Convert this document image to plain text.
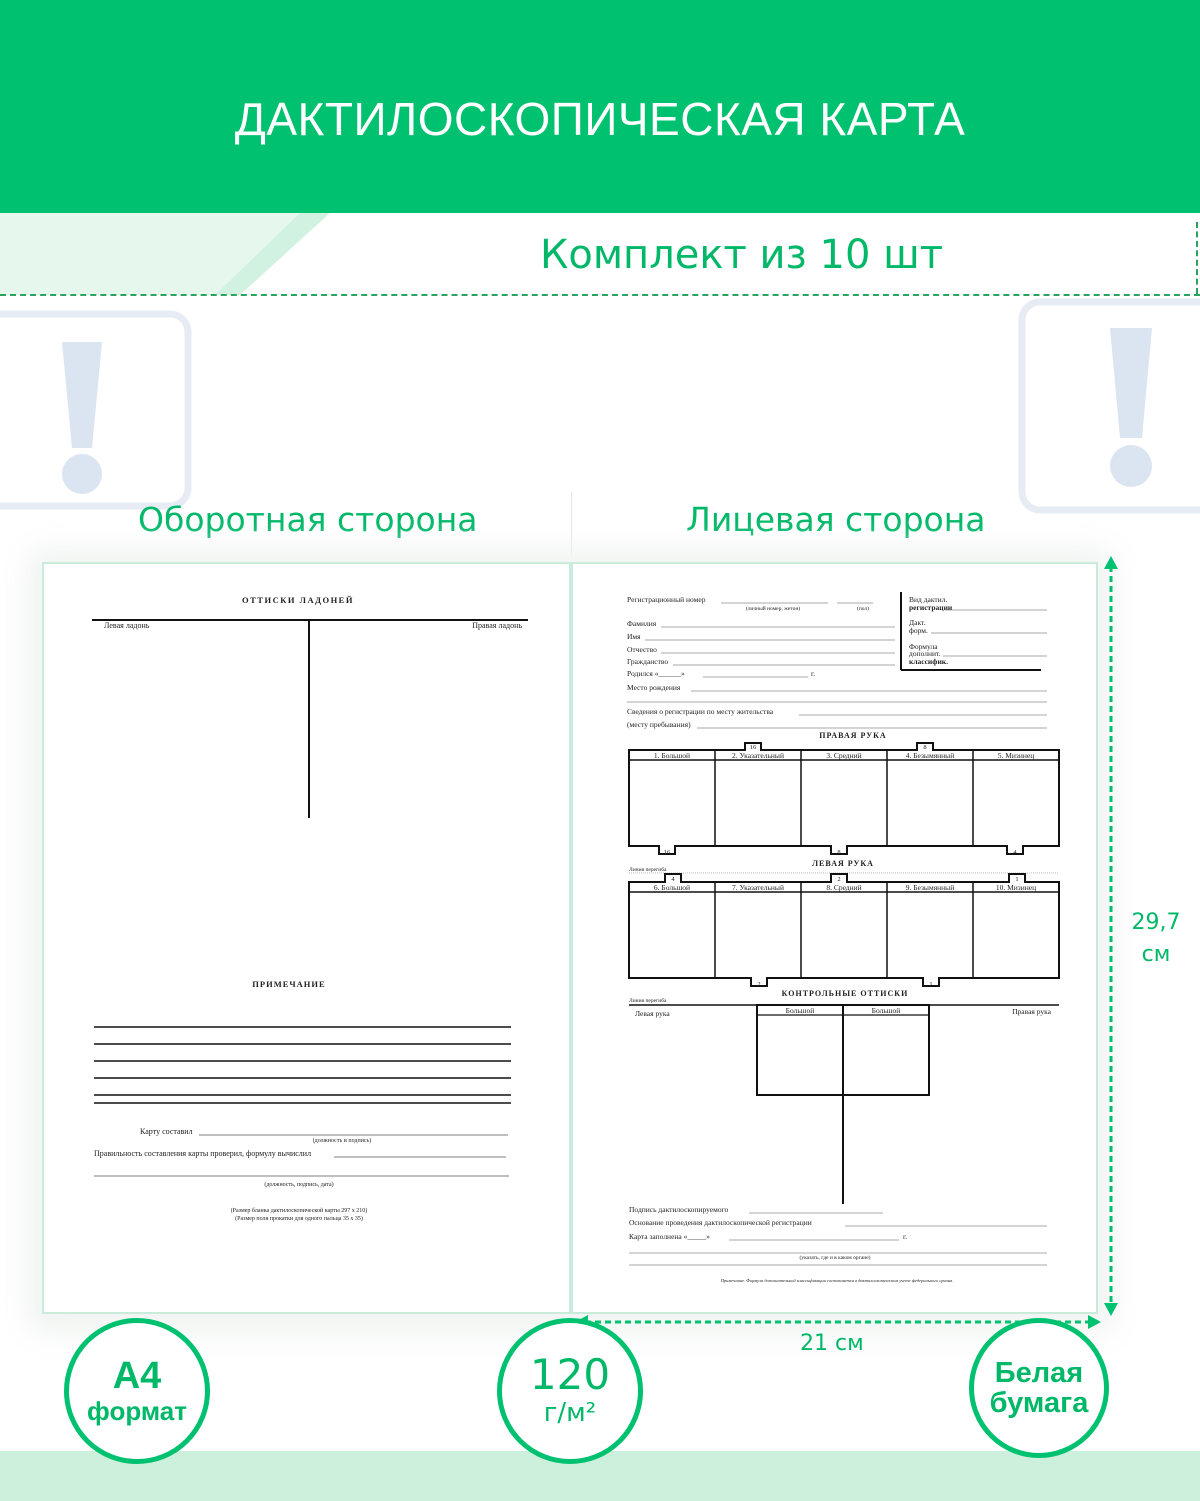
ДАКТИЛОСКОПИЧЕСКАЯ КАРТА
Комплект из 10 шт
Оборотная сторона	Лицевая сторона
ОТТИСКИ ЛАДОНЕЙ
Левая ладонь	Правая ладонь
ПРИМЕЧАНИЕ
Карту составил
(должность и подпись)
Правильность составления карты проверил, формулу вычислил
(должность, подпись, дата)
(Размер бланка дактилоскопической карты 297 x 210)
(Размер поля прокатки для одного пальца 35 x 35)
Регистрационный номер
(личный номер, жетон)	(пол)
Вид дактил.
регистрации
Дакт.
форм.
Формула
дополнит.
классифик.
Фамилия
Имя
Отчество
Гражданство
Родился «______»	г.
Место рождения
Сведения о регистрации по месту жительства
(месту пребывания)
ПРАВАЯ РУКА
16	8
1. Большой	2. Указательный	3. Средний	4. Безымянный	5. Мизинец
16	8	4
ЛЕВАЯ РУКА
Линия перегиба
4	2	1
6. Большой	7. Указательный	8. Средний	9. Безымянный	10. Мизинец
2	1
КОНТРОЛЬНЫЕ ОТТИСКИ
Линия перегиба
Левая рука	Правая рука
Большой	Большой
Подпись дактилоскопируемого
Основание проведения дактилоскопической регистрации
Карта заполнена «_____»	г.
(указать, где и в каком органе)
Примечание. Формула дополнительной классификации составляется в дактилоскопическом учете федерального органа.
21 см
29,7
см
A4
формат
120
г/м²
Белая
бумага
